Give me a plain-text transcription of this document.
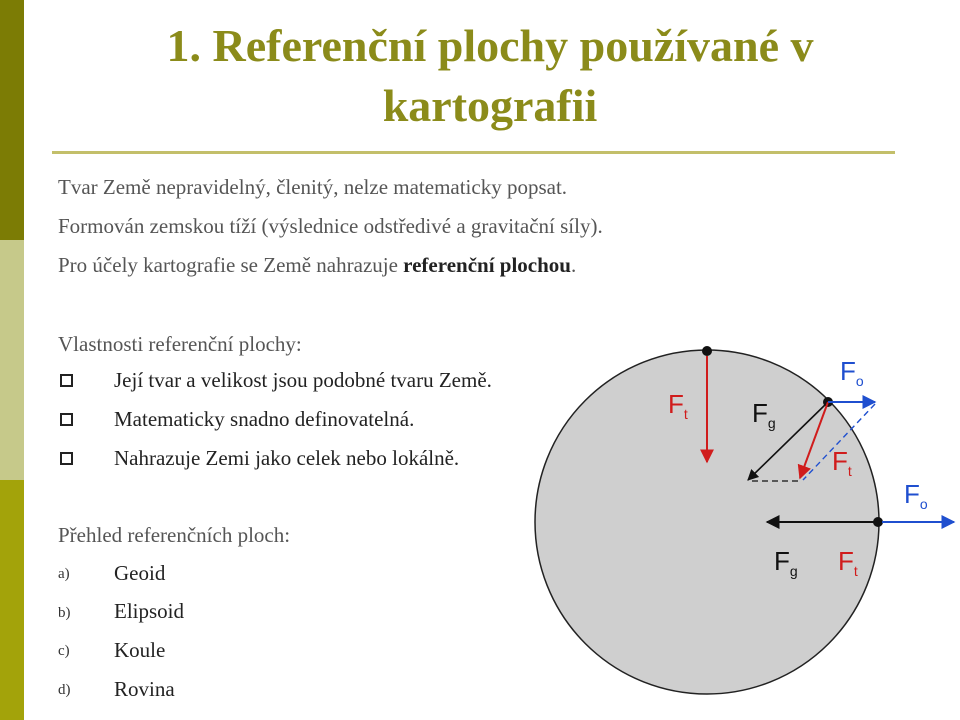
1. Referenční plochy používané v
kartografii
Tvar Země nepravidelný, členitý, nelze matematicky popsat.
Formován zemskou tíží (výslednice odstředivé a gravitační síly).
Pro účely kartografie se Země nahrazuje referenční plochou.
Vlastnosti referenční plochy:
Její tvar a velikost jsou podobné tvaru Země.
Matematicky snadno definovatelná.
Nahrazuje Zemi jako celek nebo lokálně.
Přehled referenčních ploch:
a) Geoid
b) Elipsoid
c) Koule
d) Rovina
$F_o$
$F_t$ $F_g$
$F_t$
$F_o$
$F_g$ $F_t$
